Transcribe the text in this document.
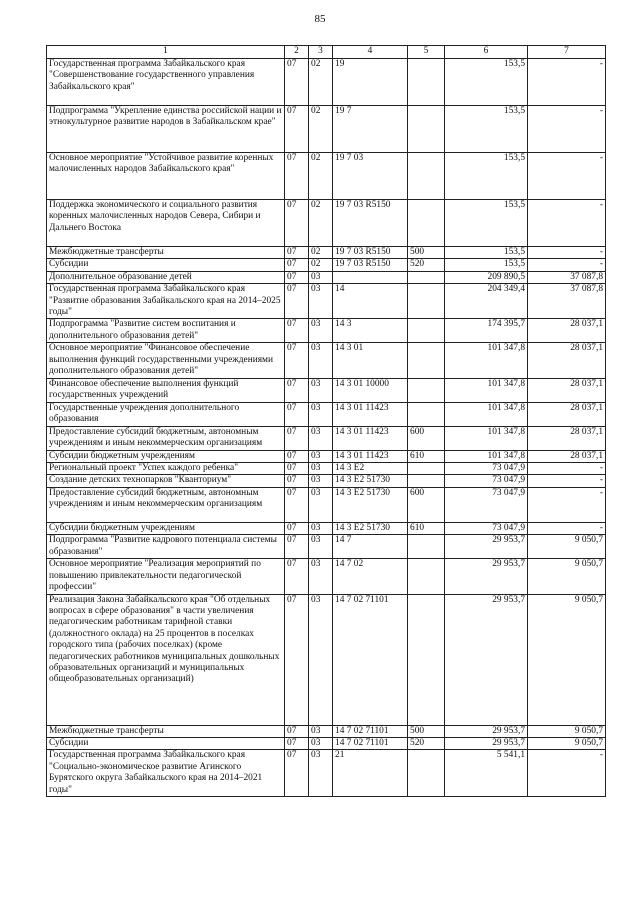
85
1	2	3	4	5	6	7
Государственная программа Забайкальского края "Совершенствование государственного управления Забайкальского края"	07	02	19		153,5	-
Подпрограмма "Укрепление единства российской нации и этнокультурное развитие народов в Забайкальском крае"	07	02	19 7		153,5	-
Основное мероприятие "Устойчивое развитие коренных малочисленных народов Забайкальского края"	07	02	19 7 03		153,5	-
Поддержка экономического и социального развития коренных малочисленных народов Севера, Сибири и Дальнего Востока	07	02	19 7 03 R5150		153,5	-
Межбюджетные трансферты	07	02	19 7 03 R5150	500	153,5	-
Субсидии	07	02	19 7 03 R5150	520	153,5	-
Дополнительное образование детей	07	03			209 890,5	37 087,8
Государственная программа Забайкальского края "Развитие образования Забайкальского края на 2014–2025 годы"	07	03	14		204 349,4	37 087,8
Подпрограмма "Развитие систем воспитания и дополнительного образования детей"	07	03	14 3		174 395,7	28 037,1
Основное мероприятие "Финансовое обеспечение выполнения функций государственными учреждениями дополнительного образования детей"	07	03	14 3 01		101 347,8	28 037,1
Финансовое обеспечение выполнения функций государственных учреждений	07	03	14 3 01 10000		101 347,8	28 037,1
Государственные учреждения дополнительного образования	07	03	14 3 01 11423		101 347,8	28 037,1
Предоставление субсидий бюджетным, автономным учреждениям и иным некоммерческим организациям	07	03	14 3 01 11423	600	101 347,8	28 037,1
Субсидии бюджетным учреждениям	07	03	14 3 01 11423	610	101 347,8	28 037,1
Региональный проект "Успех каждого ребенка"	07	03	14 3 E2		73 047,9	-
Создание детских технопарков "Кванториум"	07	03	14 3 E2 51730		73 047,9	-
Предоставление субсидий бюджетным, автономным учреждениям и иным некоммерческим организациям	07	03	14 3 E2 51730	600	73 047,9	-
Субсидии бюджетным учреждениям	07	03	14 3 E2 51730	610	73 047,9	-
Подпрограмма "Развитие кадрового потенциала системы образования"	07	03	14 7		29 953,7	9 050,7
Основное мероприятие "Реализация мероприятий по повышению привлекательности педагогической профессии"	07	03	14 7 02		29 953,7	9 050,7
Реализация Закона Забайкальского края "Об отдельных вопросах в сфере образования" в части увеличения педагогическим работникам тарифной ставки (должностного оклада) на 25 процентов в поселках городского типа (рабочих поселках) (кроме педагогических работников муниципальных дошкольных образовательных организаций и муниципальных общеобразовательных организаций)	07	03	14 7 02 71101		29 953,7	9 050,7
Межбюджетные трансферты	07	03	14 7 02 71101	500	29 953,7	9 050,7
Субсидии	07	03	14 7 02 71101	520	29 953,7	9 050,7
Государственная программа Забайкальского края "Социально-экономическое развитие Агинского Бурятского округа Забайкальского края на 2014–2021 годы"	07	03	21		5 541,1	-
